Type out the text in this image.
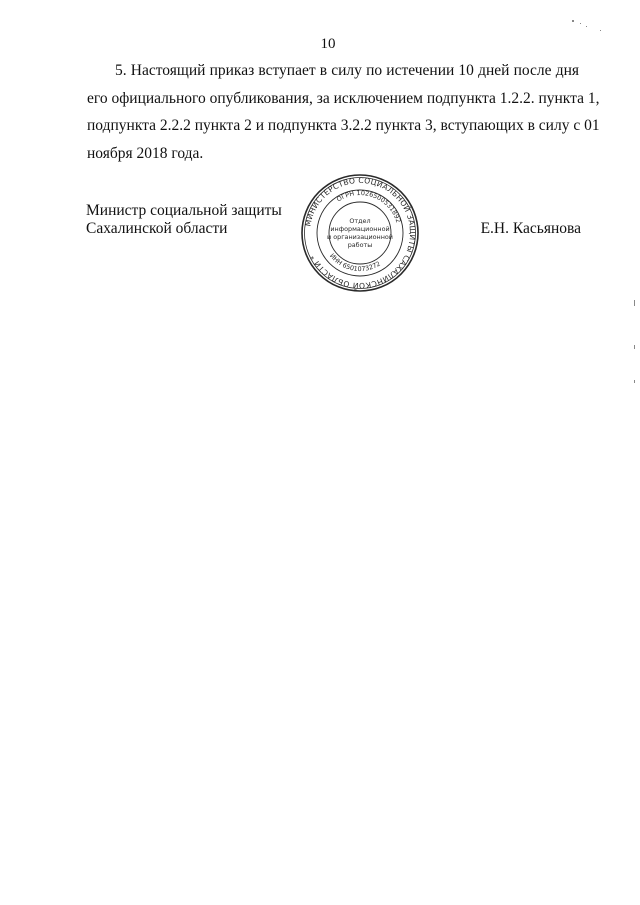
10
5. Настоящий приказ вступает в силу по истечении 10 дней после дня
его официального опубликования, за исключением подпункта 1.2.2. пункта 1,
подпункта 2.2.2 пункта 2 и подпункта 3.2.2 пункта 3, вступающих в силу с 01
ноября 2018 года.
Министр социальной защиты
Сахалинской области	Е.Н. Касьянова
МИНИСТЕРСТВО СОЦИАЛЬНОЙ ЗАЩИТЫ САХАЛИНСКОЙ ОБЛАСТИ *
ОГРН 1026500531892
ИНН 6501073272
Отдел
информационной
и организационной
работы
